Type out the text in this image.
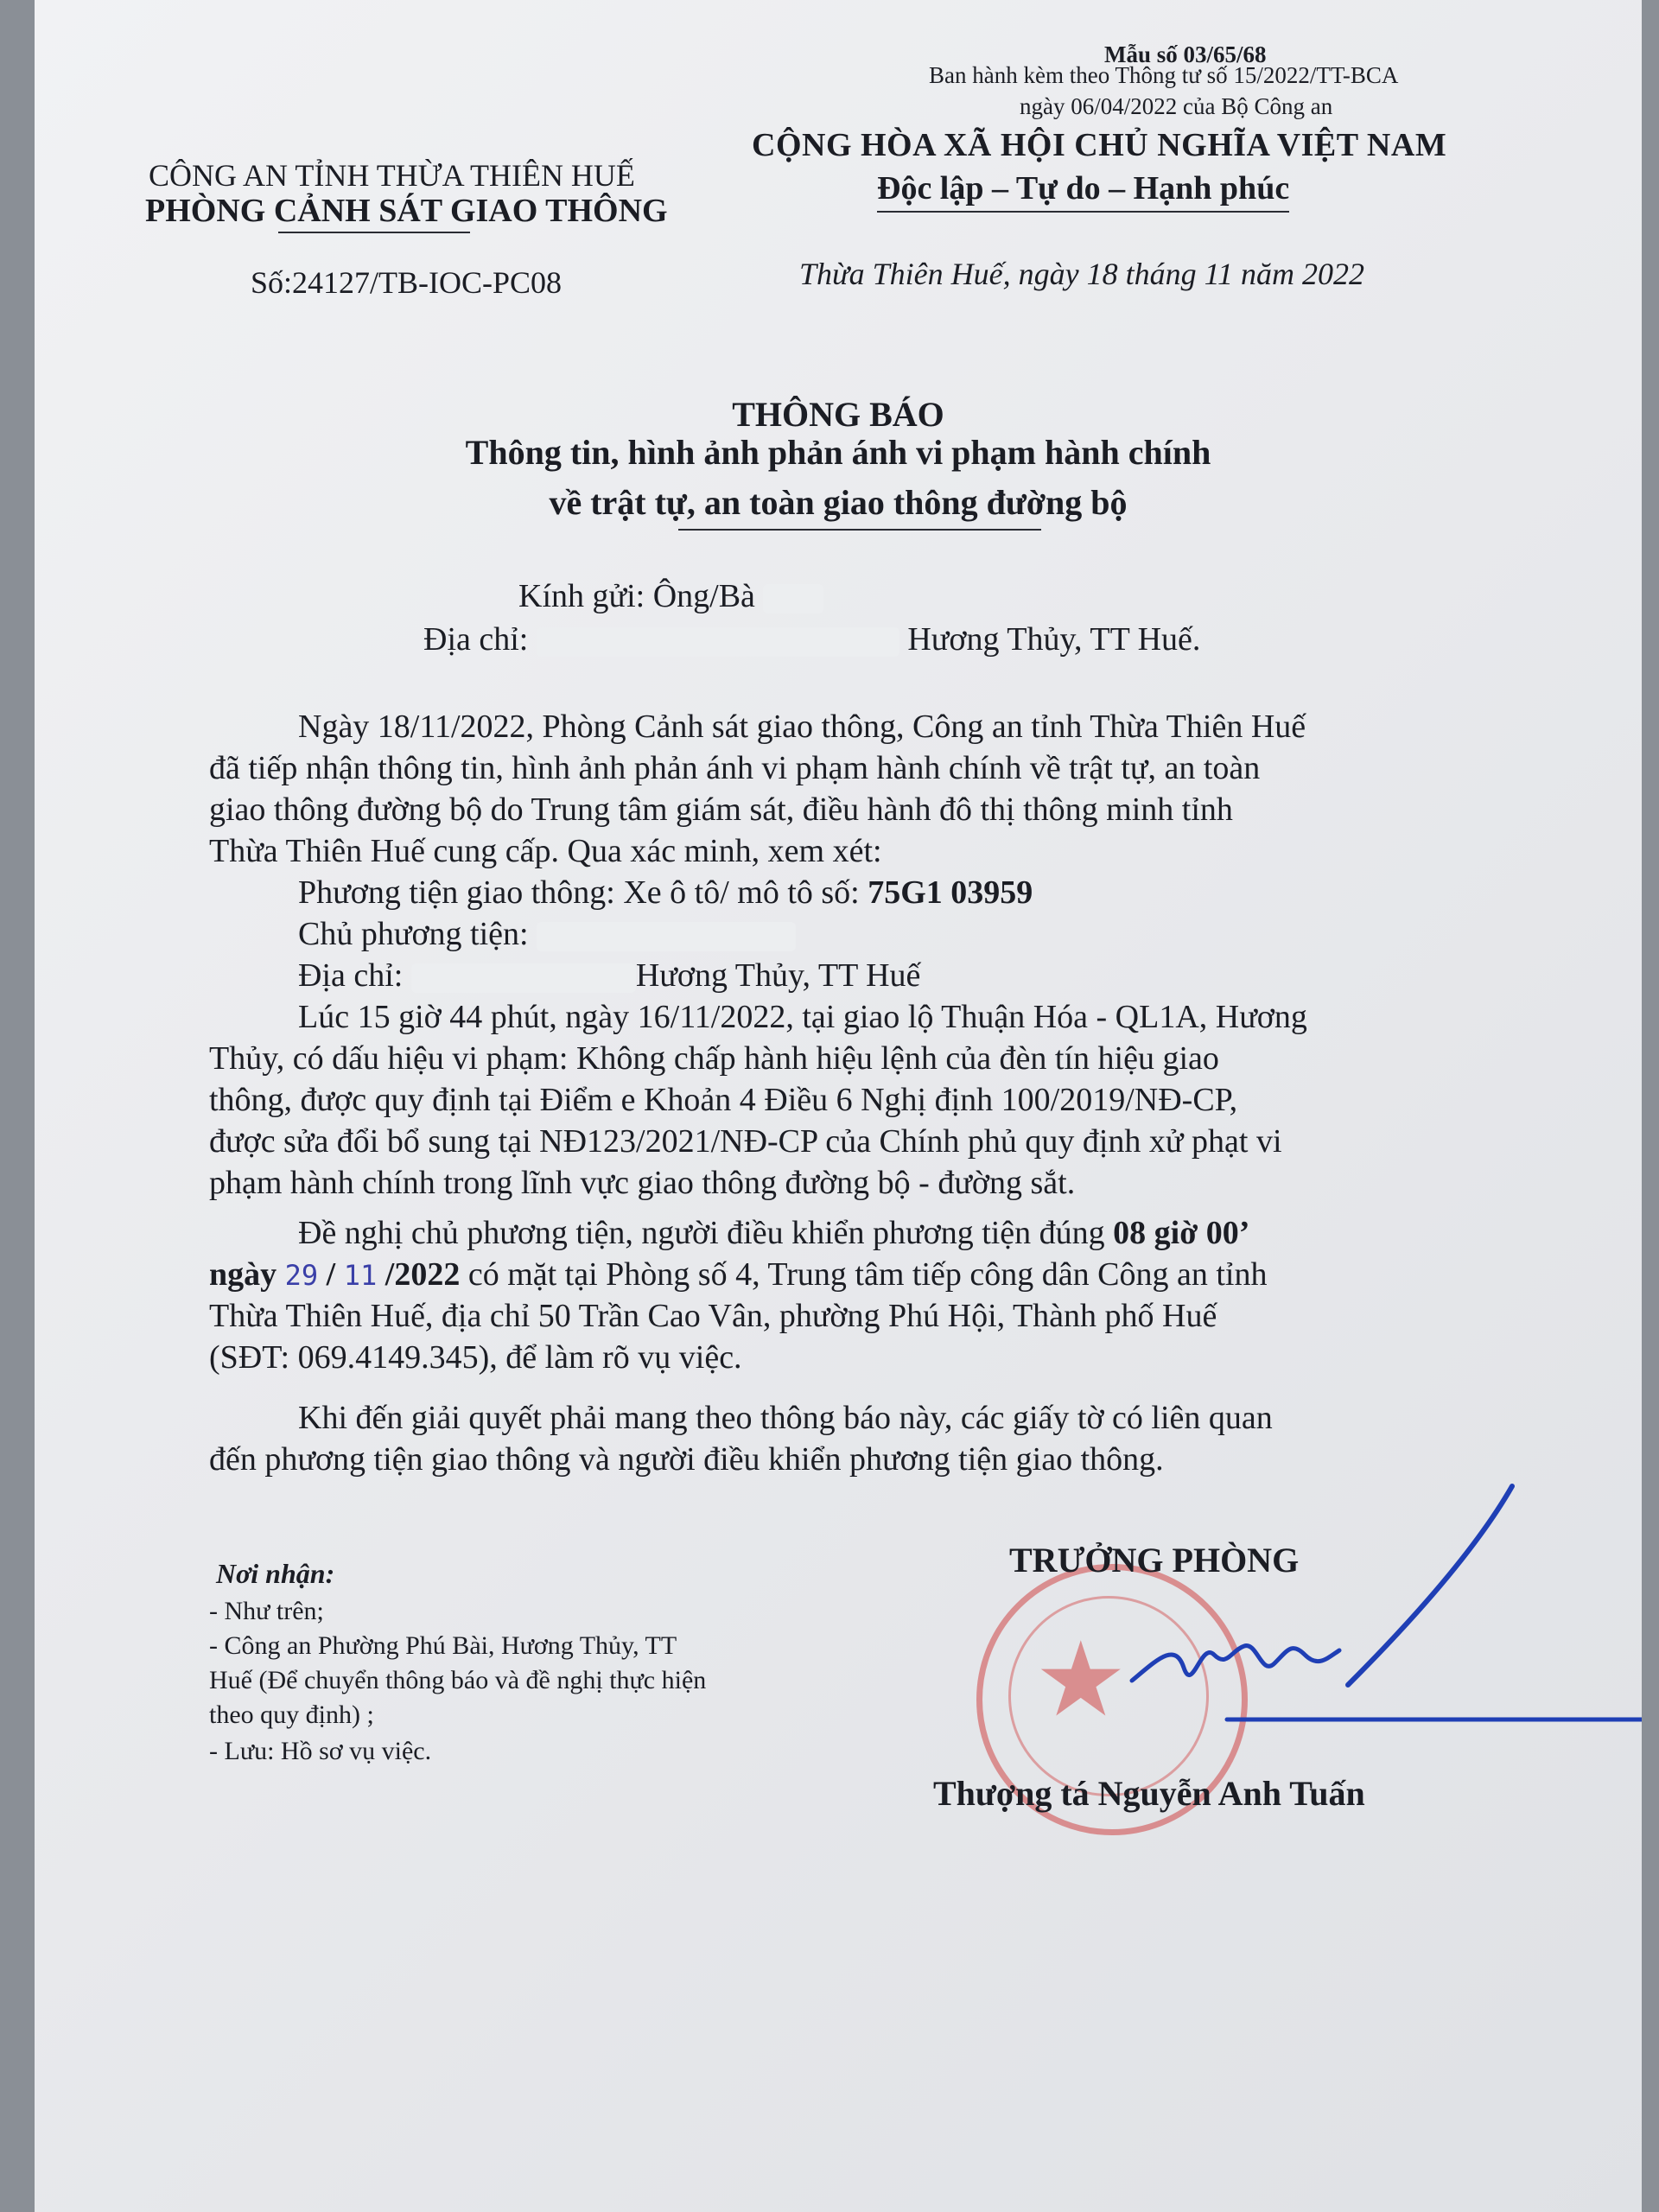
Mẫu số 03/65/68
Ban hành kèm theo Thông tư số 15/2022/TT-BCA
ngày 06/04/2022 của Bộ Công an
CỘNG HÒA XÃ HỘI CHỦ NGHĨA VIỆT NAM
Độc lập – Tự do – Hạnh phúc
Thừa Thiên Huế, ngày 18 tháng 11 năm 2022
CÔNG AN TỈNH THỪA THIÊN HUẾ
PHÒNG CẢNH SÁT GIAO THÔNG
Số:24127/TB-IOC-PC08
THÔNG BÁO
Thông tin, hình ảnh phản ánh vi phạm hành chính
về trật tự, an toàn giao thông đường bộ
Kính gửi: Ông/Bà
Địa chỉ:	Hương Thủy, TT Huế.
Ngày 18/11/2022, Phòng Cảnh sát giao thông, Công an tỉnh Thừa Thiên Huế
đã tiếp nhận thông tin, hình ảnh phản ánh vi phạm hành chính về trật tự, an toàn
giao thông đường bộ do Trung tâm giám sát, điều hành đô thị thông minh tỉnh
Thừa Thiên Huế cung cấp. Qua xác minh, xem xét:
Phương tiện giao thông: Xe ô tô/ mô tô số: 75G1 03959
Chủ phương tiện:
Địa chỉ:	Hương Thủy, TT Huế
Lúc 15 giờ 44 phút, ngày 16/11/2022, tại giao lộ Thuận Hóa - QL1A, Hương
Thủy, có dấu hiệu vi phạm: Không chấp hành hiệu lệnh của đèn tín hiệu giao
thông, được quy định tại Điểm e Khoản 4 Điều 6 Nghị định 100/2019/NĐ-CP,
được sửa đổi bổ sung tại NĐ123/2021/NĐ-CP của Chính phủ quy định xử phạt vi
phạm hành chính trong lĩnh vực giao thông đường bộ - đường sắt.
Đề nghị chủ phương tiện, người điều khiển phương tiện đúng 08 giờ 00’
ngày 29 / 11 /2022 có mặt tại Phòng số 4, Trung tâm tiếp công dân Công an tỉnh
Thừa Thiên Huế, địa chỉ 50 Trần Cao Vân, phường Phú Hội, Thành phố Huế
(SĐT: 069.4149.345), để làm rõ vụ việc.
Khi đến giải quyết phải mang theo thông báo này, các giấy tờ có liên quan
đến phương tiện giao thông và người điều khiển phương tiện giao thông.
Nơi nhận:
- Như trên;
- Công an Phường Phú Bài, Hương Thủy, TT
Huế (Để chuyển thông báo và đề nghị thực hiện
theo quy định) ;
- Lưu: Hồ sơ vụ việc.
★
TRƯỞNG PHÒNG
Thượng tá Nguyễn Anh Tuấn
